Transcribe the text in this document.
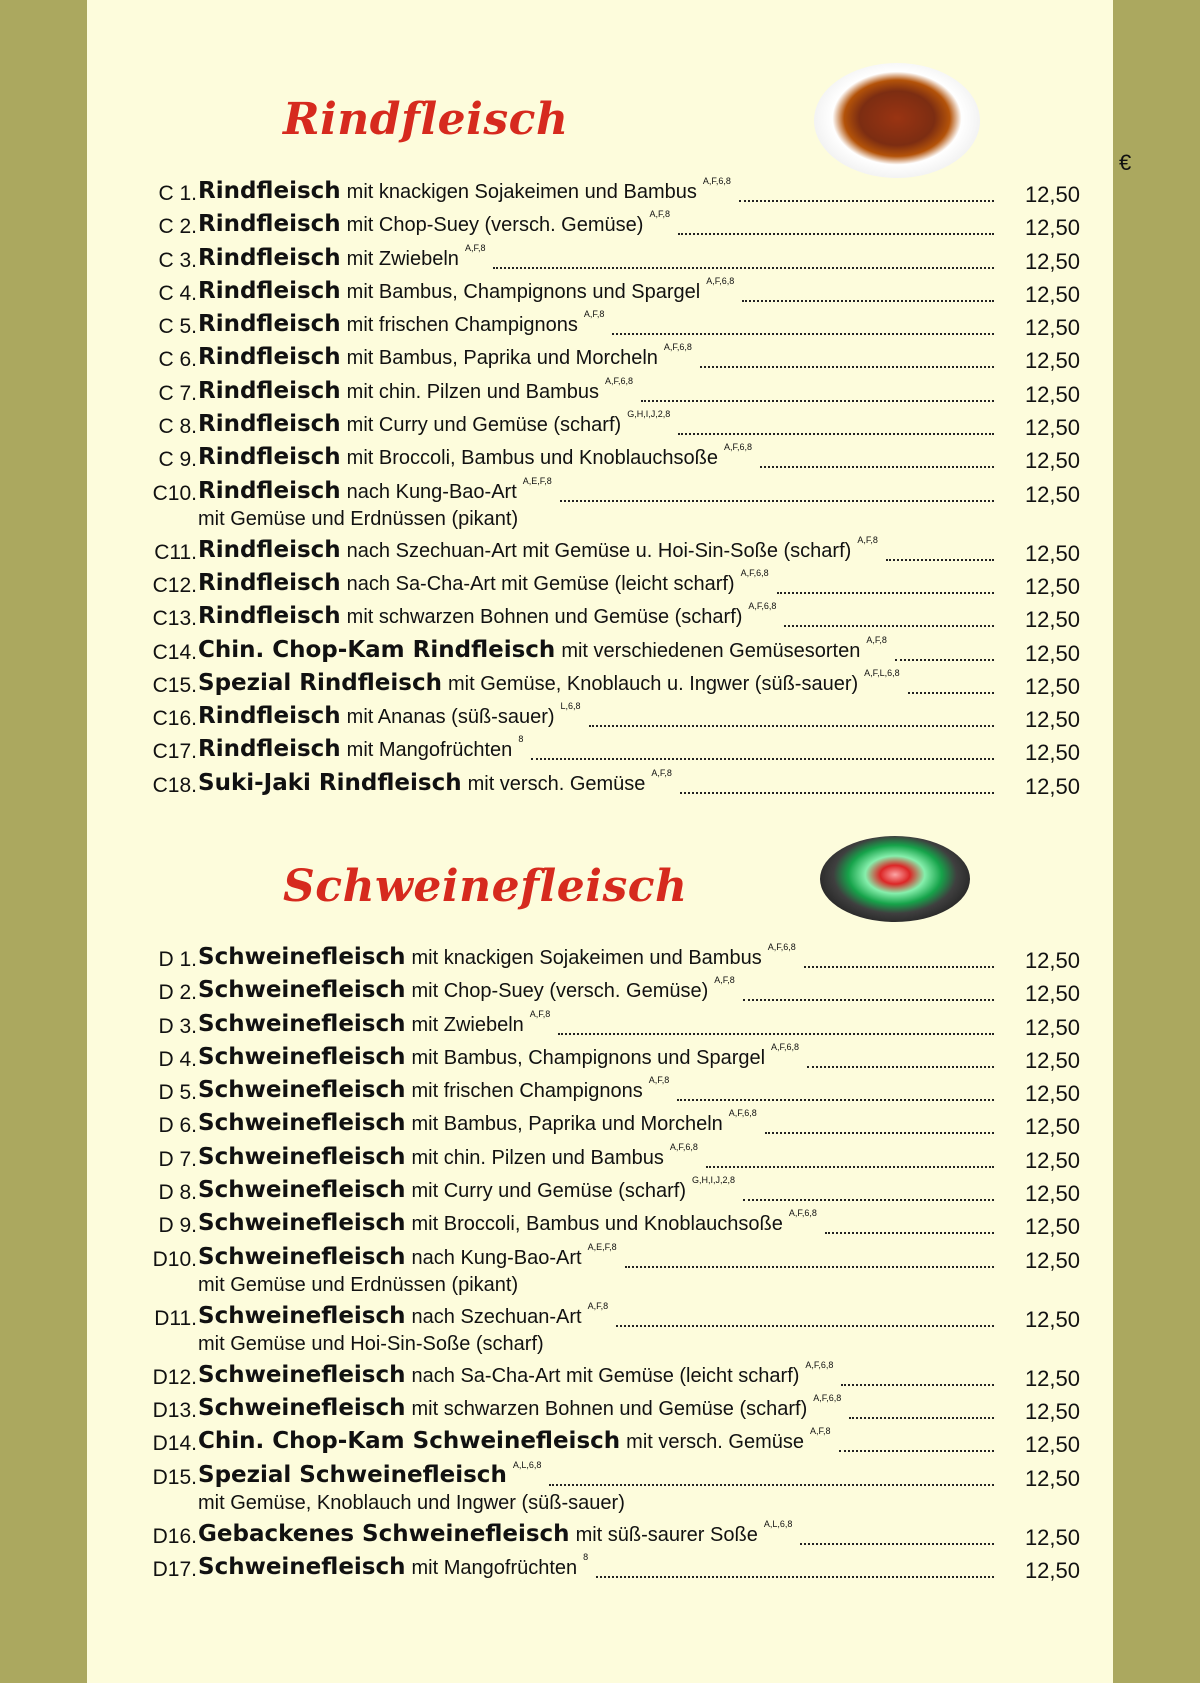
Rindfleisch
€
C 1. Rindfleisch mit knackigen Sojakeimen und Bambus A,F,6,8
12,50
C 2. Rindfleisch mit Chop-Suey (versch. Gemüse) A,F,8
12,50
C 3. Rindfleisch mit Zwiebeln A,F,8
12,50
C 4. Rindfleisch mit Bambus, Champignons und Spargel A,F,6,8
12,50
C 5. Rindfleisch mit frischen Champignons A,F,8
12,50
C 6. Rindfleisch mit Bambus, Paprika und Morcheln A,F,6,8
12,50
C 7. Rindfleisch mit chin. Pilzen und Bambus A,F,6,8
12,50
C 8. Rindfleisch mit Curry und Gemüse (scharf) G,H,I,J,2,8
12,50
C 9. Rindfleisch mit Broccoli, Bambus und Knoblauchsoße A,F,6,8
12,50
C10. Rindfleisch nach Kung-Bao-Art A,E,F,8
12,50
mit Gemüse und Erdnüssen (pikant)
C11. Rindfleisch nach Szechuan-Art mit Gemüse u. Hoi-Sin-Soße (scharf) A,F,8
12,50
C12. Rindfleisch nach Sa-Cha-Art mit Gemüse (leicht scharf) A,F,6,8
12,50
C13. Rindfleisch mit schwarzen Bohnen und Gemüse (scharf) A,F,6,8
12,50
C14. Chin. Chop-Kam Rindfleisch mit verschiedenen Gemüsesorten A,F,8
12,50
C15. Spezial Rindfleisch mit Gemüse, Knoblauch u. Ingwer (süß-sauer) A,F,L,6,8
12,50
C16. Rindfleisch mit Ananas (süß-sauer) L,6,8
12,50
C17. Rindfleisch mit Mangofrüchten 8
12,50
C18. Suki-Jaki Rindfleisch mit versch. Gemüse A,F,8
12,50
Schweinefleisch
D 1. Schweinefleisch mit knackigen Sojakeimen und Bambus A,F,6,8
12,50
D 2. Schweinefleisch mit Chop-Suey (versch. Gemüse) A,F,8
12,50
D 3. Schweinefleisch mit Zwiebeln A,F,8
12,50
D 4. Schweinefleisch mit Bambus, Champignons und Spargel A,F,6,8
12,50
D 5. Schweinefleisch mit frischen Champignons A,F,8
12,50
D 6. Schweinefleisch mit Bambus, Paprika und Morcheln A,F,6,8
12,50
D 7. Schweinefleisch mit chin. Pilzen und Bambus A,F,6,8
12,50
D 8. Schweinefleisch mit Curry und Gemüse (scharf) G,H,I,J,2,8
12,50
D 9. Schweinefleisch mit Broccoli, Bambus und Knoblauchsoße A,F,6,8
12,50
D10. Schweinefleisch nach Kung-Bao-Art A,E,F,8
12,50
mit Gemüse und Erdnüssen (pikant)
D11. Schweinefleisch nach Szechuan-Art A,F,8
12,50
mit Gemüse und Hoi-Sin-Soße (scharf)
D12. Schweinefleisch nach Sa-Cha-Art mit Gemüse (leicht scharf) A,F,6,8
12,50
D13. Schweinefleisch mit schwarzen Bohnen und Gemüse (scharf) A,F,6,8
12,50
D14. Chin. Chop-Kam Schweinefleisch mit versch. Gemüse A,F,8
12,50
D15. Spezial Schweinefleisch A,L,6,8
12,50
mit Gemüse, Knoblauch und Ingwer (süß-sauer)
D16. Gebackenes Schweinefleisch mit süß-saurer Soße A,L,6,8
12,50
D17. Schweinefleisch mit Mangofrüchten 8
12,50
